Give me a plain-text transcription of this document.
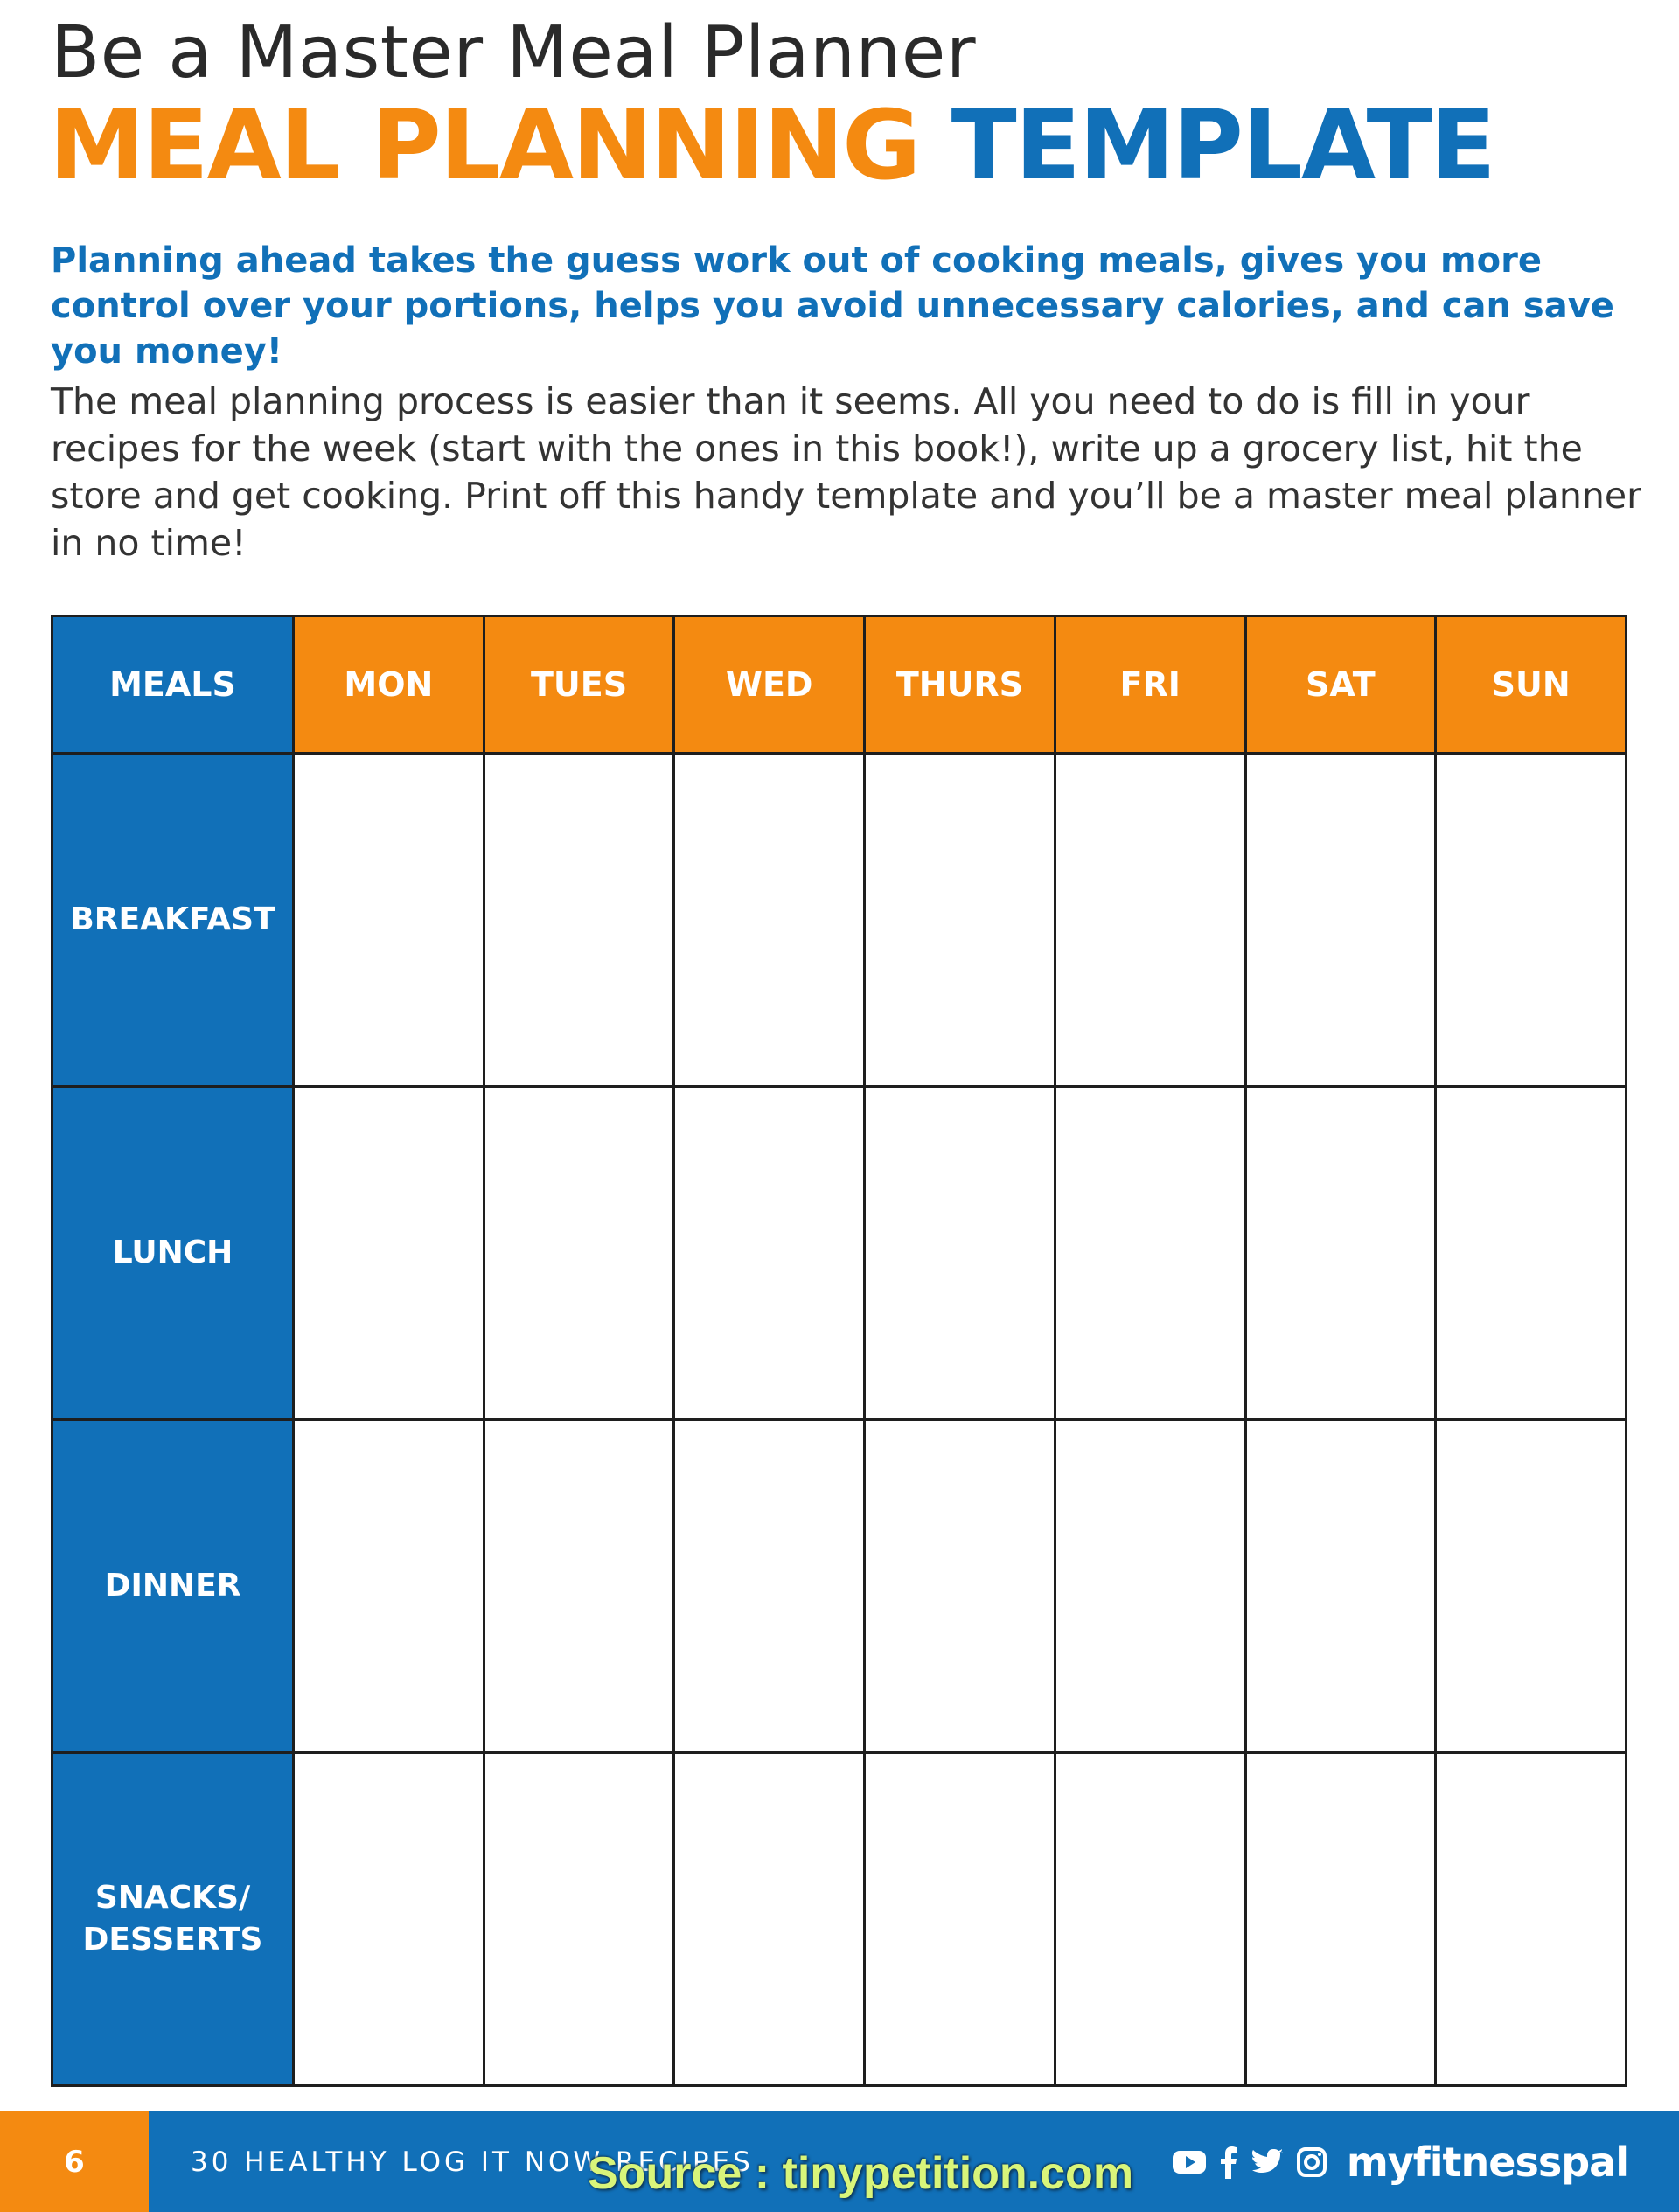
Be a Master Meal Planner
MEAL PLANNING TEMPLATE
Planning ahead takes the guess work out of cooking meals, gives you more control over your portions, helps you avoid unnecessary calories, and can save you money!
The meal planning process is easier than it seems. All you need to do is fill in your recipes for the week (start with the ones in this book!), write up a grocery list, hit the store and get cooking. Print off this handy template and you’ll be a master meal planner in no time!
MEALS	MON	TUES	WED	THURS	FRI	SAT	SUN
BREAKFAST							
LUNCH							
DINNER							
SNACKS/
DESSERTS							
6	30 HEALTHY LOG IT NOW RECIPES	myfitnesspal
Source : tinypetition.com
